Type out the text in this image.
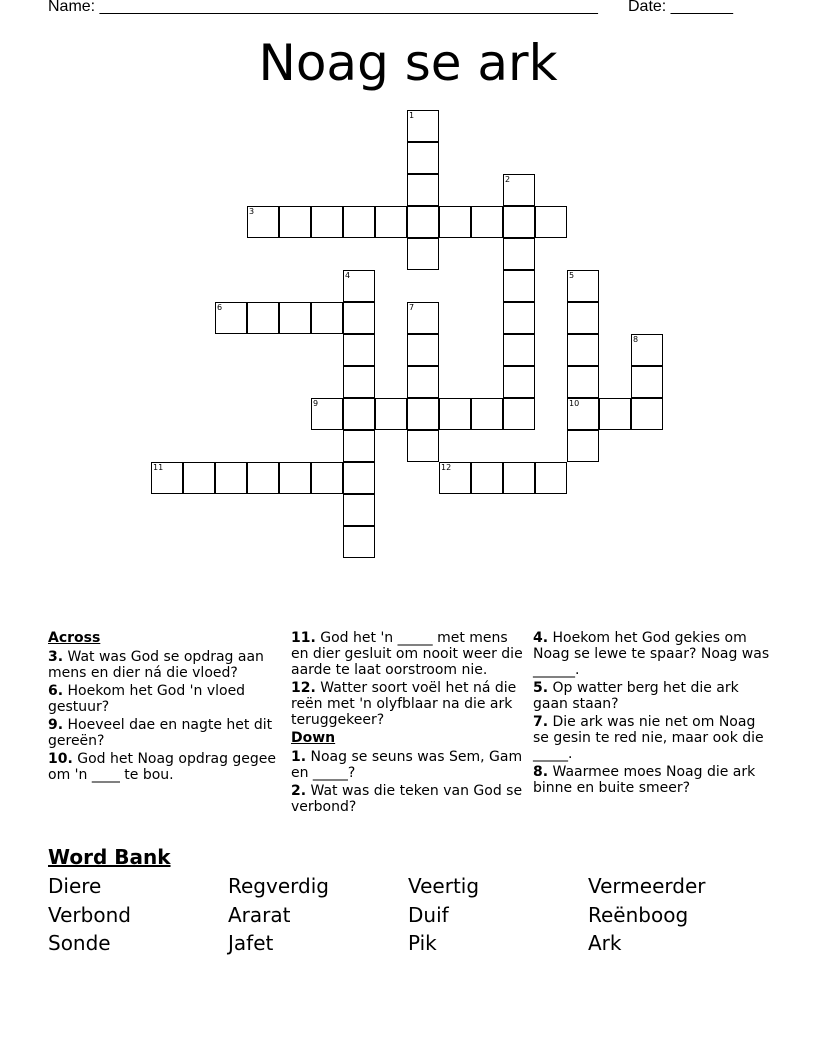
Name: ________________________________________________________ Date: _______
Noag se ark
1
2
3
4	5
6	7
8
9	10
11	12
Across
3. Wat was God se opdrag aan mens en dier ná die vloed?
6. Hoekom het God 'n vloed gestuur?
9. Hoeveel dae en nagte het dit gereën?
10. God het Noag opdrag gegee om 'n ____ te bou.
11. God het 'n _____ met mens en dier gesluit om nooit weer die aarde te laat oorstroom nie.
12. Watter soort voël het ná die reën met 'n olyfblaar na die ark teruggekeer?
Down
1. Noag se seuns was Sem, Gam en _____?
2. Wat was die teken van God se verbond?
4. Hoekom het God gekies om Noag se lewe te spaar? Noag was ______.
5. Op watter berg het die ark gaan staan?
7. Die ark was nie net om Noag se gesin te red nie, maar ook die _____.
8. Waarmee moes Noag die ark binne en buite smeer?
Word Bank
Diere	Regverdig	Veertig	Vermeerder
Verbond	Ararat	Duif	Reënboog
Sonde	Jafet	Pik	Ark
